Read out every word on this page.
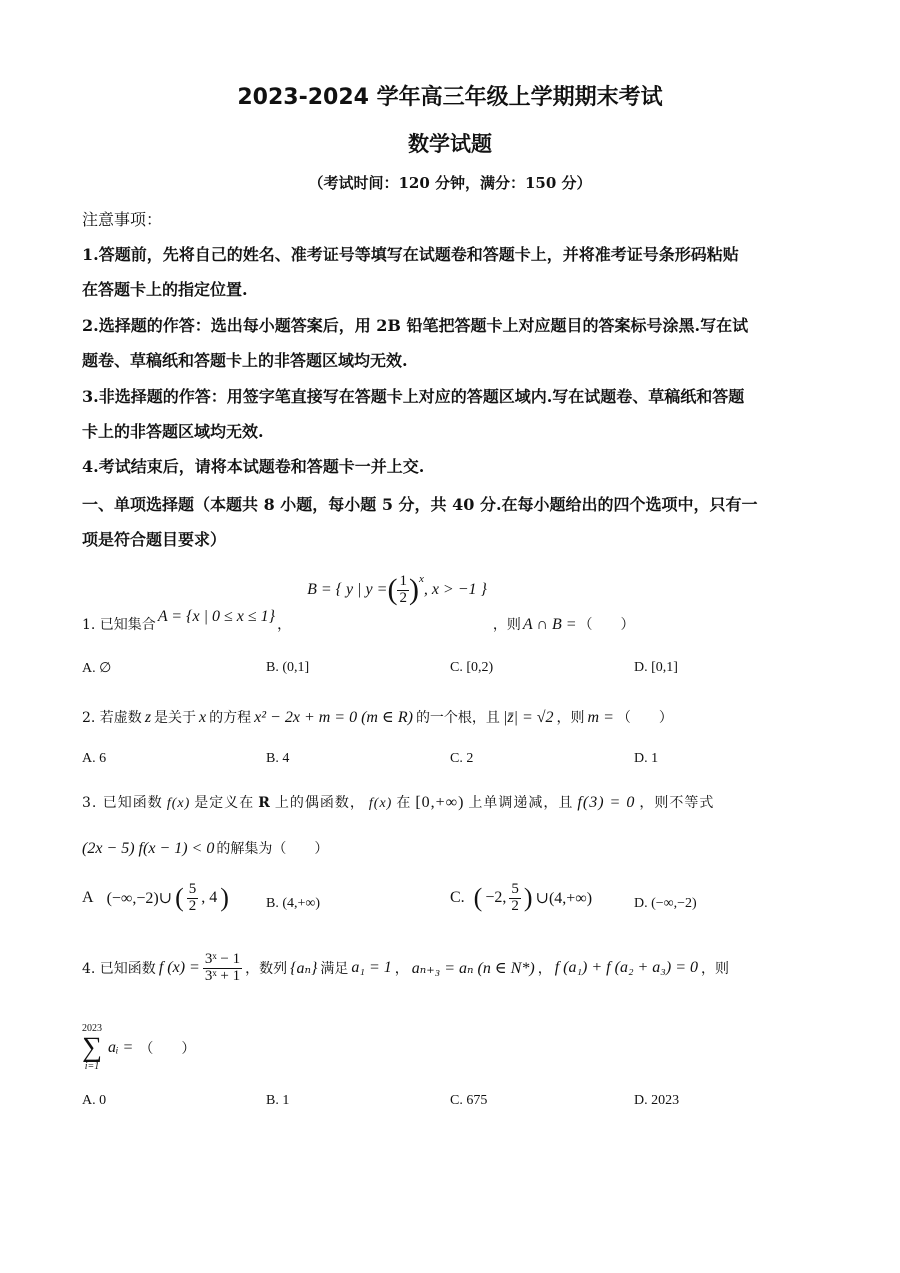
2023-2024 学年高三年级上学期期末考试
数学试题
（考试时间：120 分钟，满分：150 分）
注意事项：
1.答题前，先将自己的姓名、准考证号等填写在试题卷和答题卡上，并将准考证号条形码粘贴
在答题卡上的指定位置.
2.选择题的作答：选出每小题答案后，用 2B 铅笔把答题卡上对应题目的答案标号涂黑.写在试
题卷、草稿纸和答题卡上的非答题区域均无效.
3.非选择题的作答：用签字笔直接写在答题卡上对应的答题区域内.写在试题卷、草稿纸和答题
卡上的非答题区域均无效.
4.考试结束后，请将本试题卷和答题卡一并上交.
一、单项选择题（本题共 8 小题，每小题 5 分，共 40 分.在每小题给出的四个选项中，只有一
项是符合题目要求）
1. 已知集合 A = {x | 0 ≤ x ≤ 1} ，
B = { y | y = ( $\frac{1}{2} )^x$
, x > −1 }
，则 A ∩ B = （　　）
A. ∅	B. (0,1]	C. [0,2)	D. [0,1]
2. 若虚数 z 是关于 x 的方程 x² − 2x + m = 0 (m ∈ R) 的一个根，且 |z̄| = √2 ，则 m = （　　）
A. 6	B. 4	C. 2	D. 1
3. 已知函数 f(x) 是定义在 R 上的偶函数， f(x) 在 [0,+∞) 上单调递减，且 f(3) = 0 ，则不等式
(2x − 5) f(x − 1) < 0 的解集为（　　）
A (−∞,−2)∪ ( $\frac{5}{2}$ , 4 )	B. (4,+∞)	C. ( −2, $\frac{5}{2}$ ) ∪(4,+∞)	D. (−∞,−2)
4. 已知函数 f $(x) = \frac{\text{3ˣ − 1}}{\text{3ˣ + 1}}$ ，数列 {aₙ} 满足 a₁ = 1 ， aₙ₊₃ = aₙ (n ∈ N*) ， f (a₁) + f (a₂ + a₃) = 0 ，则
2023
∑
i=1
aᵢ = （　　）
A. 0	B. 1	C. 675	D. 2023
